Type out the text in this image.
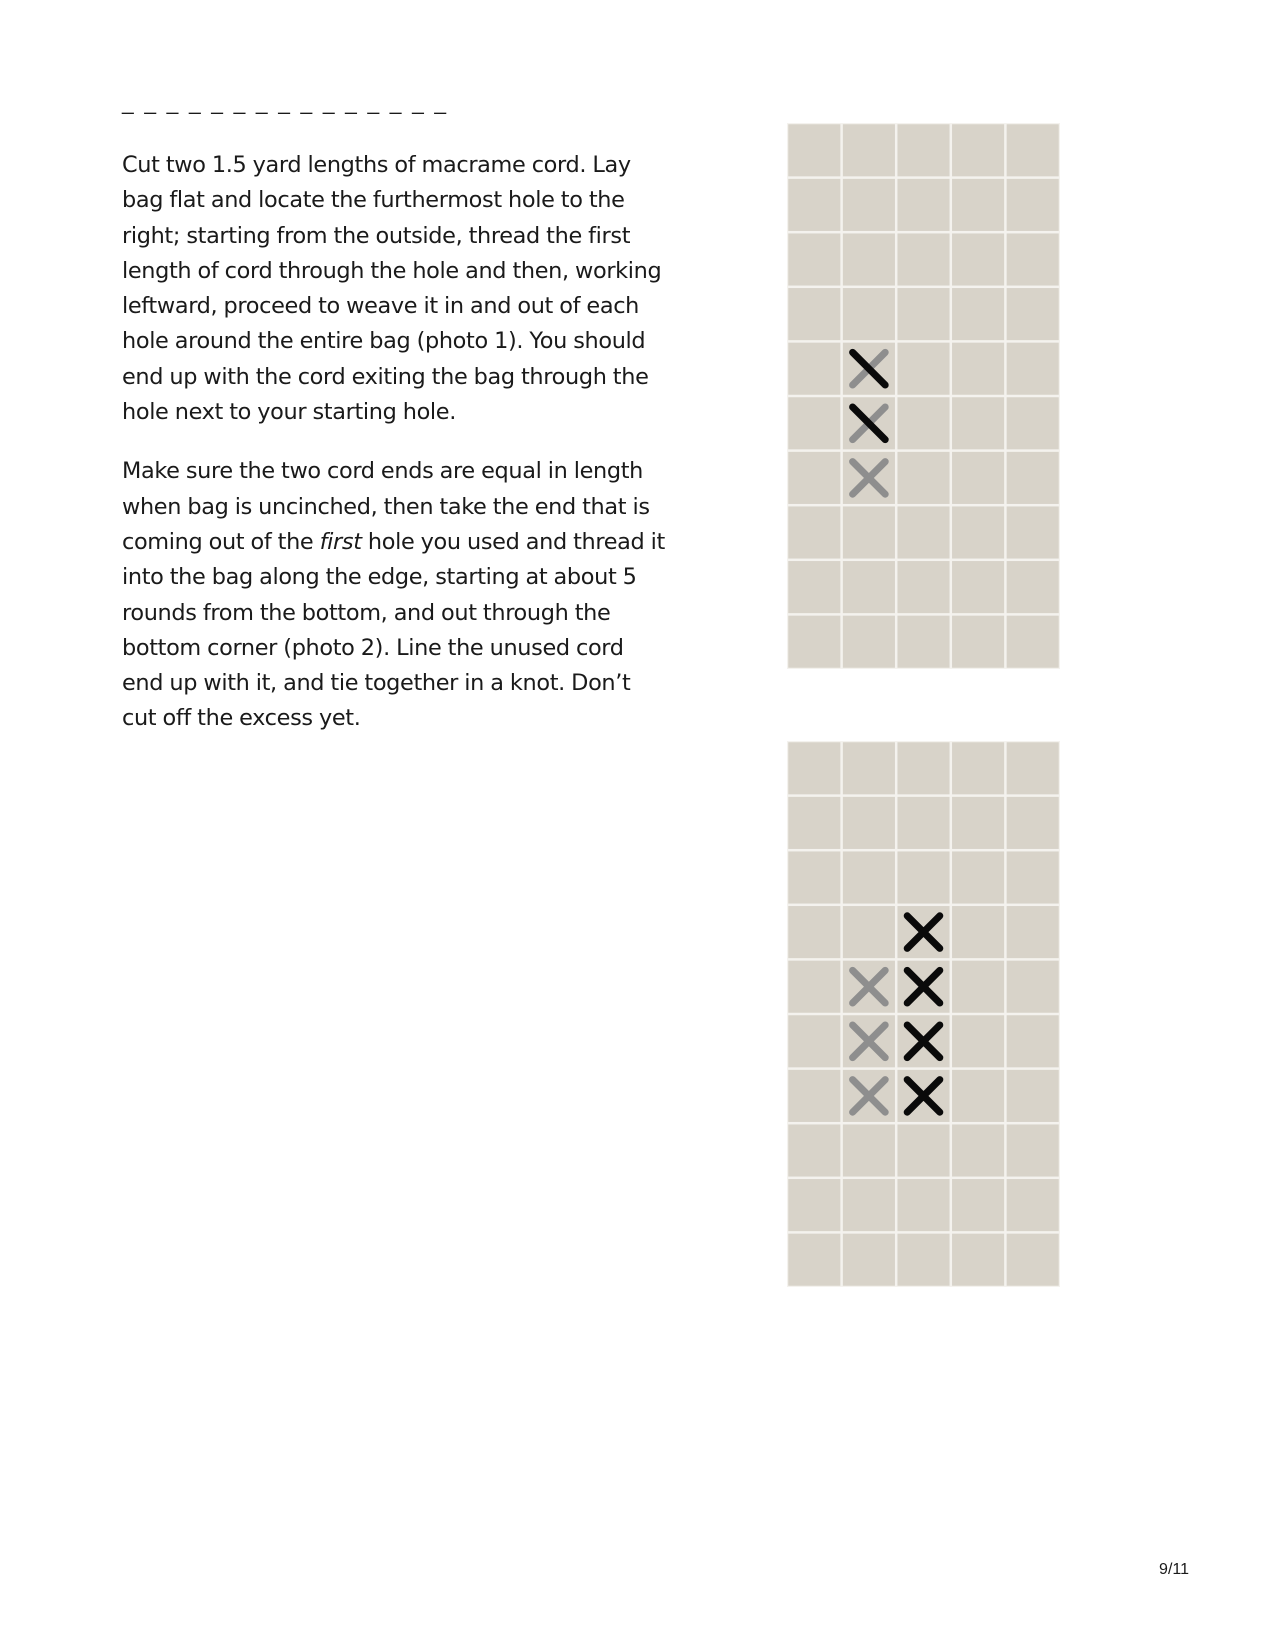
_ _ _ _ _ _ _ _ _ _ _ _ _ _ _

Cut two 1.5 yard lengths of macrame cord. Lay bag flat and locate the furthermost hole to the right; starting from the outside, thread the first length of cord through the hole and then, working leftward, proceed to weave it in and out of each hole around the entire bag (photo 1). You should end up with the cord exiting the bag through the hole next to your starting hole.

Make sure the two cord ends are equal in length when bag is uncinched, then take the end that is coming out of the first hole you used and thread it into the bag along the edge, starting at about 5 rounds from the bottom, and out through the bottom corner (photo 2). Line the unused cord end up with it, and tie together in a knot. Don’t cut off the excess yet.

9/11
